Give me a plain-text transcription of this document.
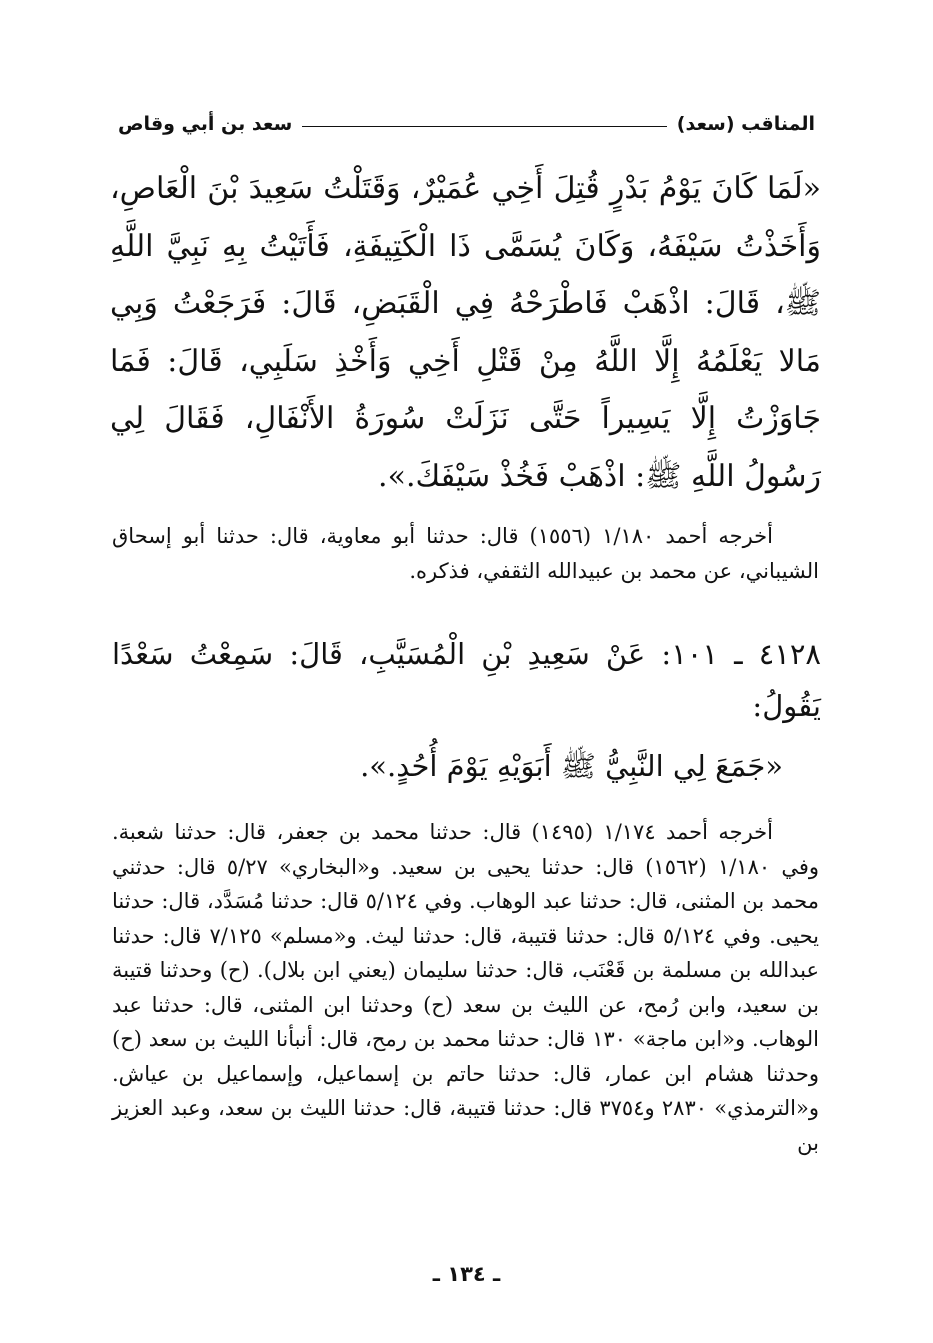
المناقب (سعد)
سعد بن أبي وقاص

«لَمَا كَانَ يَوْمُ بَدْرٍ قُتِلَ أَخِي عُمَيْرٌ، وَقَتَلْتُ سَعِيدَ بْنَ الْعَاصِ، وَأَخَذْتُ سَيْفَهُ، وَكَانَ يُسَمَّى ذَا الْكَتِيفَةِ، فَأَتَيْتُ بِهِ نَبِيَّ اللَّهِ ﷺ، قَالَ: اذْهَبْ فَاطْرَحْهُ فِي الْقَبَضِ، قَالَ: فَرَجَعْتُ وَبِي مَالا يَعْلَمُهُ إِلَّا اللَّهُ مِنْ قَتْلِ أَخِي وَأَخْذِ سَلَبِي، قَالَ: فَمَا جَاوَزْتُ إِلَّا يَسِيراً حَتَّى نَزَلَتْ سُورَةُ الأَنْفَالِ، فَقَالَ لِي رَسُولُ اللَّهِ ﷺ: اذْهَبْ فَخُذْ سَيْفَكَ.».

أخرجه أحمد ١/١٨٠ (١٥٥٦) قال: حدثنا أبو معاوية، قال: حدثنا أبو إسحاق الشيباني، عن محمد بن عبيدالله الثقفي، فذكره.

٤١٢٨ ـ ١٠١: عَنْ سَعِيدِ بْنِ الْمُسَيَّبِ، قَالَ: سَمِعْتُ سَعْدًا يَقُولُ:

«جَمَعَ لِي النَّبِيُّ ﷺ أَبَوَيْهِ يَوْمَ أُحُدٍ.».

أخرجه أحمد ١/١٧٤ (١٤٩٥) قال: حدثنا محمد بن جعفر، قال: حدثنا شعبة. وفي ١/١٨٠ (١٥٦٢) قال: حدثنا يحيى بن سعيد. و«البخاري» ٥/٢٧ قال: حدثني محمد بن المثنى، قال: حدثنا عبد الوهاب. وفي ٥/١٢٤ قال: حدثنا مُسَدَّد، قال: حدثنا يحيى. وفي ٥/١٢٤ قال: حدثنا قتيبة، قال: حدثنا ليث. و«مسلم» ٧/١٢٥ قال: حدثنا عبدالله بن مسلمة بن قَعْنَب، قال: حدثنا سليمان (يعني ابن بلال). (ح) وحدثنا قتيبة بن سعيد، وابن رُمح، عن الليث بن سعد (ح) وحدثنا ابن المثنى، قال: حدثنا عبد الوهاب. و«ابن ماجة» ١٣٠ قال: حدثنا محمد بن رمح، قال: أنبأنا الليث بن سعد (ح) وحدثنا هشام ابن عمار، قال: حدثنا حاتم بن إسماعيل، وإسماعيل بن عياش. و«الترمذي» ٢٨٣٠ و٣٧٥٤ قال: حدثنا قتيبة، قال: حدثنا الليث بن سعد، وعبد العزيز بن

ـ ١٣٤ ـ
